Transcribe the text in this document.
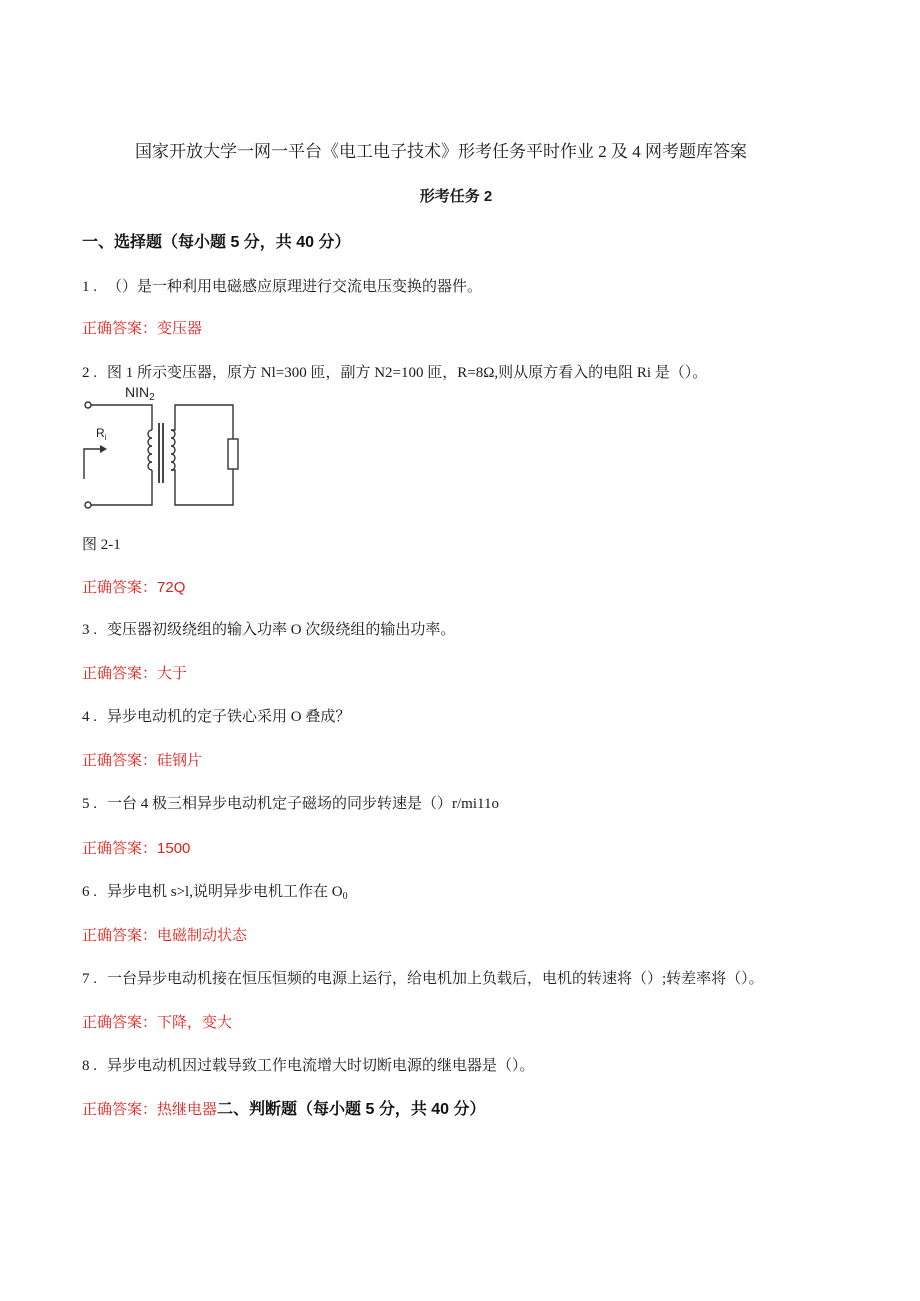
国家开放大学一网一平台《电工电子技术》形考任务平时作业 2 及 4 网考题库答案
形考任务 2
一、选择题（每小题 5 分，共 40 分）
1 . （）是一种利用电磁感应原理进行交流电压变换的器件。
正确答案：变压器
2 . 图 1 所示变压器，原方 Nl=300 匝，副方 N2=100 匝，R=8Ω,则从原方看入的电阻 Ri 是（）。
$R_i$
$NIN_2$
图 2-1
正确答案：72Q
3 . 变压器初级绕组的输入功率 O 次级绕组的输出功率。
正确答案：大于
4 . 异步电动机的定子铁心采用 O 叠成？
正确答案：硅钢片
5 . 一台 4 极三相异步电动机定子磁场的同步转速是（）r/mi11o
正确答案：1500
6 . 异步电机 s>l,说明异步电机工作在 $O_0$
正确答案：电磁制动状态
7 . 一台异步电动机接在恒压恒频的电源上运行，给电机加上负载后，电机的转速将（）;转差率将（）。
正确答案：下降，变大
8 . 异步电动机因过载导致工作电流增大时切断电源的继电器是（）。
正确答案：热继电器二、判断题（每小题 5 分，共 40 分）
